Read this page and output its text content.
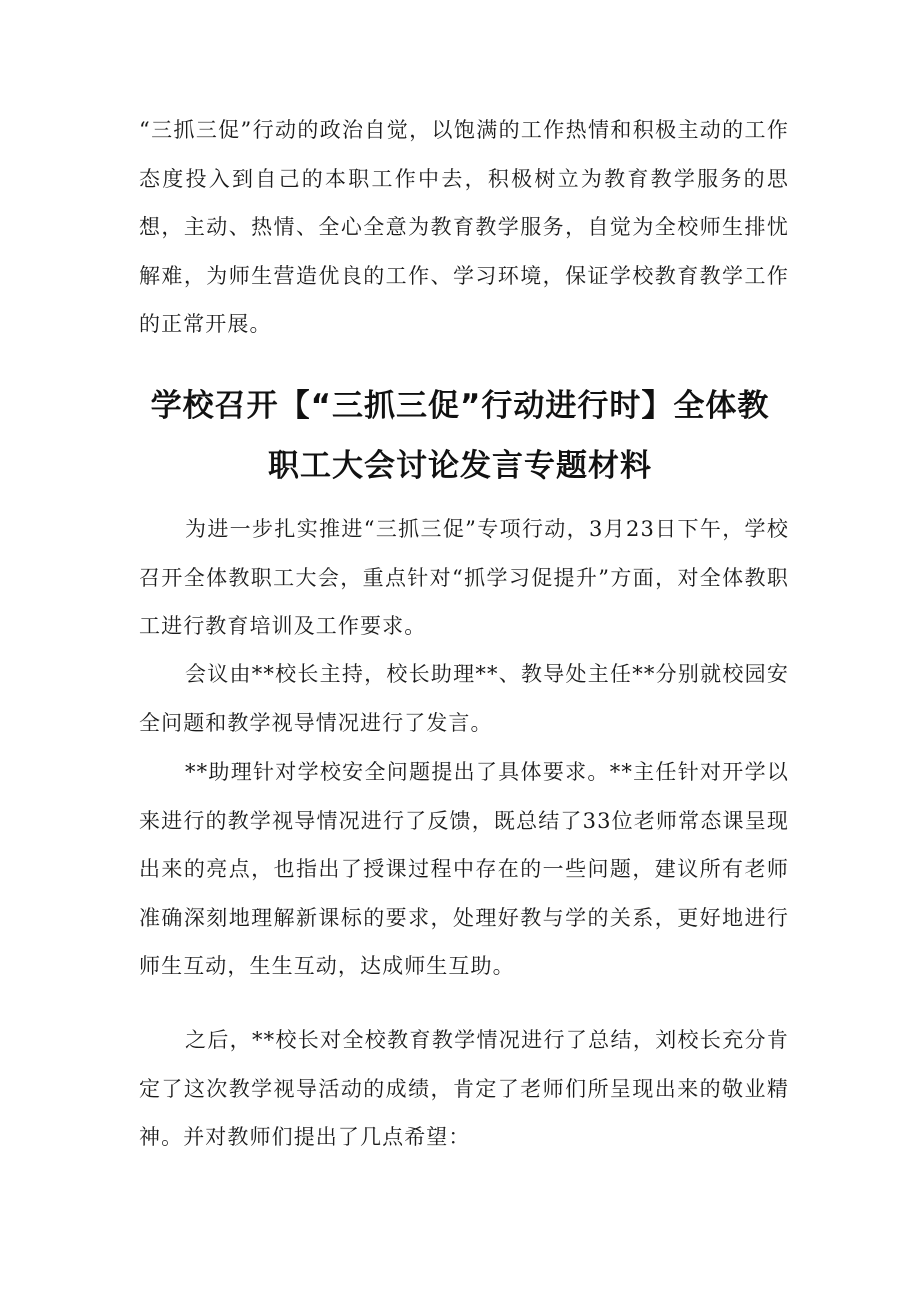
“三抓三促”行动的政治自觉，以饱满的工作热情和积极主动的工作态度投入到自己的本职工作中去，积极树立为教育教学服务的思想，主动、热情、全心全意为教育教学服务，自觉为全校师生排忧解难，为师生营造优良的工作、学习环境，保证学校教育教学工作的正常开展。

学校召开【“三抓三促”行动进行时】全体教
职工大会讨论发言专题材料

为进一步扎实推进“三抓三促”专项行动，3月23日下午，学校召开全体教职工大会，重点针对“抓学习促提升”方面，对全体教职工进行教育培训及工作要求。

会议由**校长主持，校长助理**、教导处主任**分别就校园安全问题和教学视导情况进行了发言。

**助理针对学校安全问题提出了具体要求。**主任针对开学以来进行的教学视导情况进行了反馈，既总结了33位老师常态课呈现出来的亮点，也指出了授课过程中存在的一些问题，建议所有老师准确深刻地理解新课标的要求，处理好教与学的关系，更好地进行师生互动，生生互动，达成师生互助。

之后，**校长对全校教育教学情况进行了总结，刘校长充分肯定了这次教学视导活动的成绩，肯定了老师们所呈现出来的敬业精神。并对教师们提出了几点希望：
